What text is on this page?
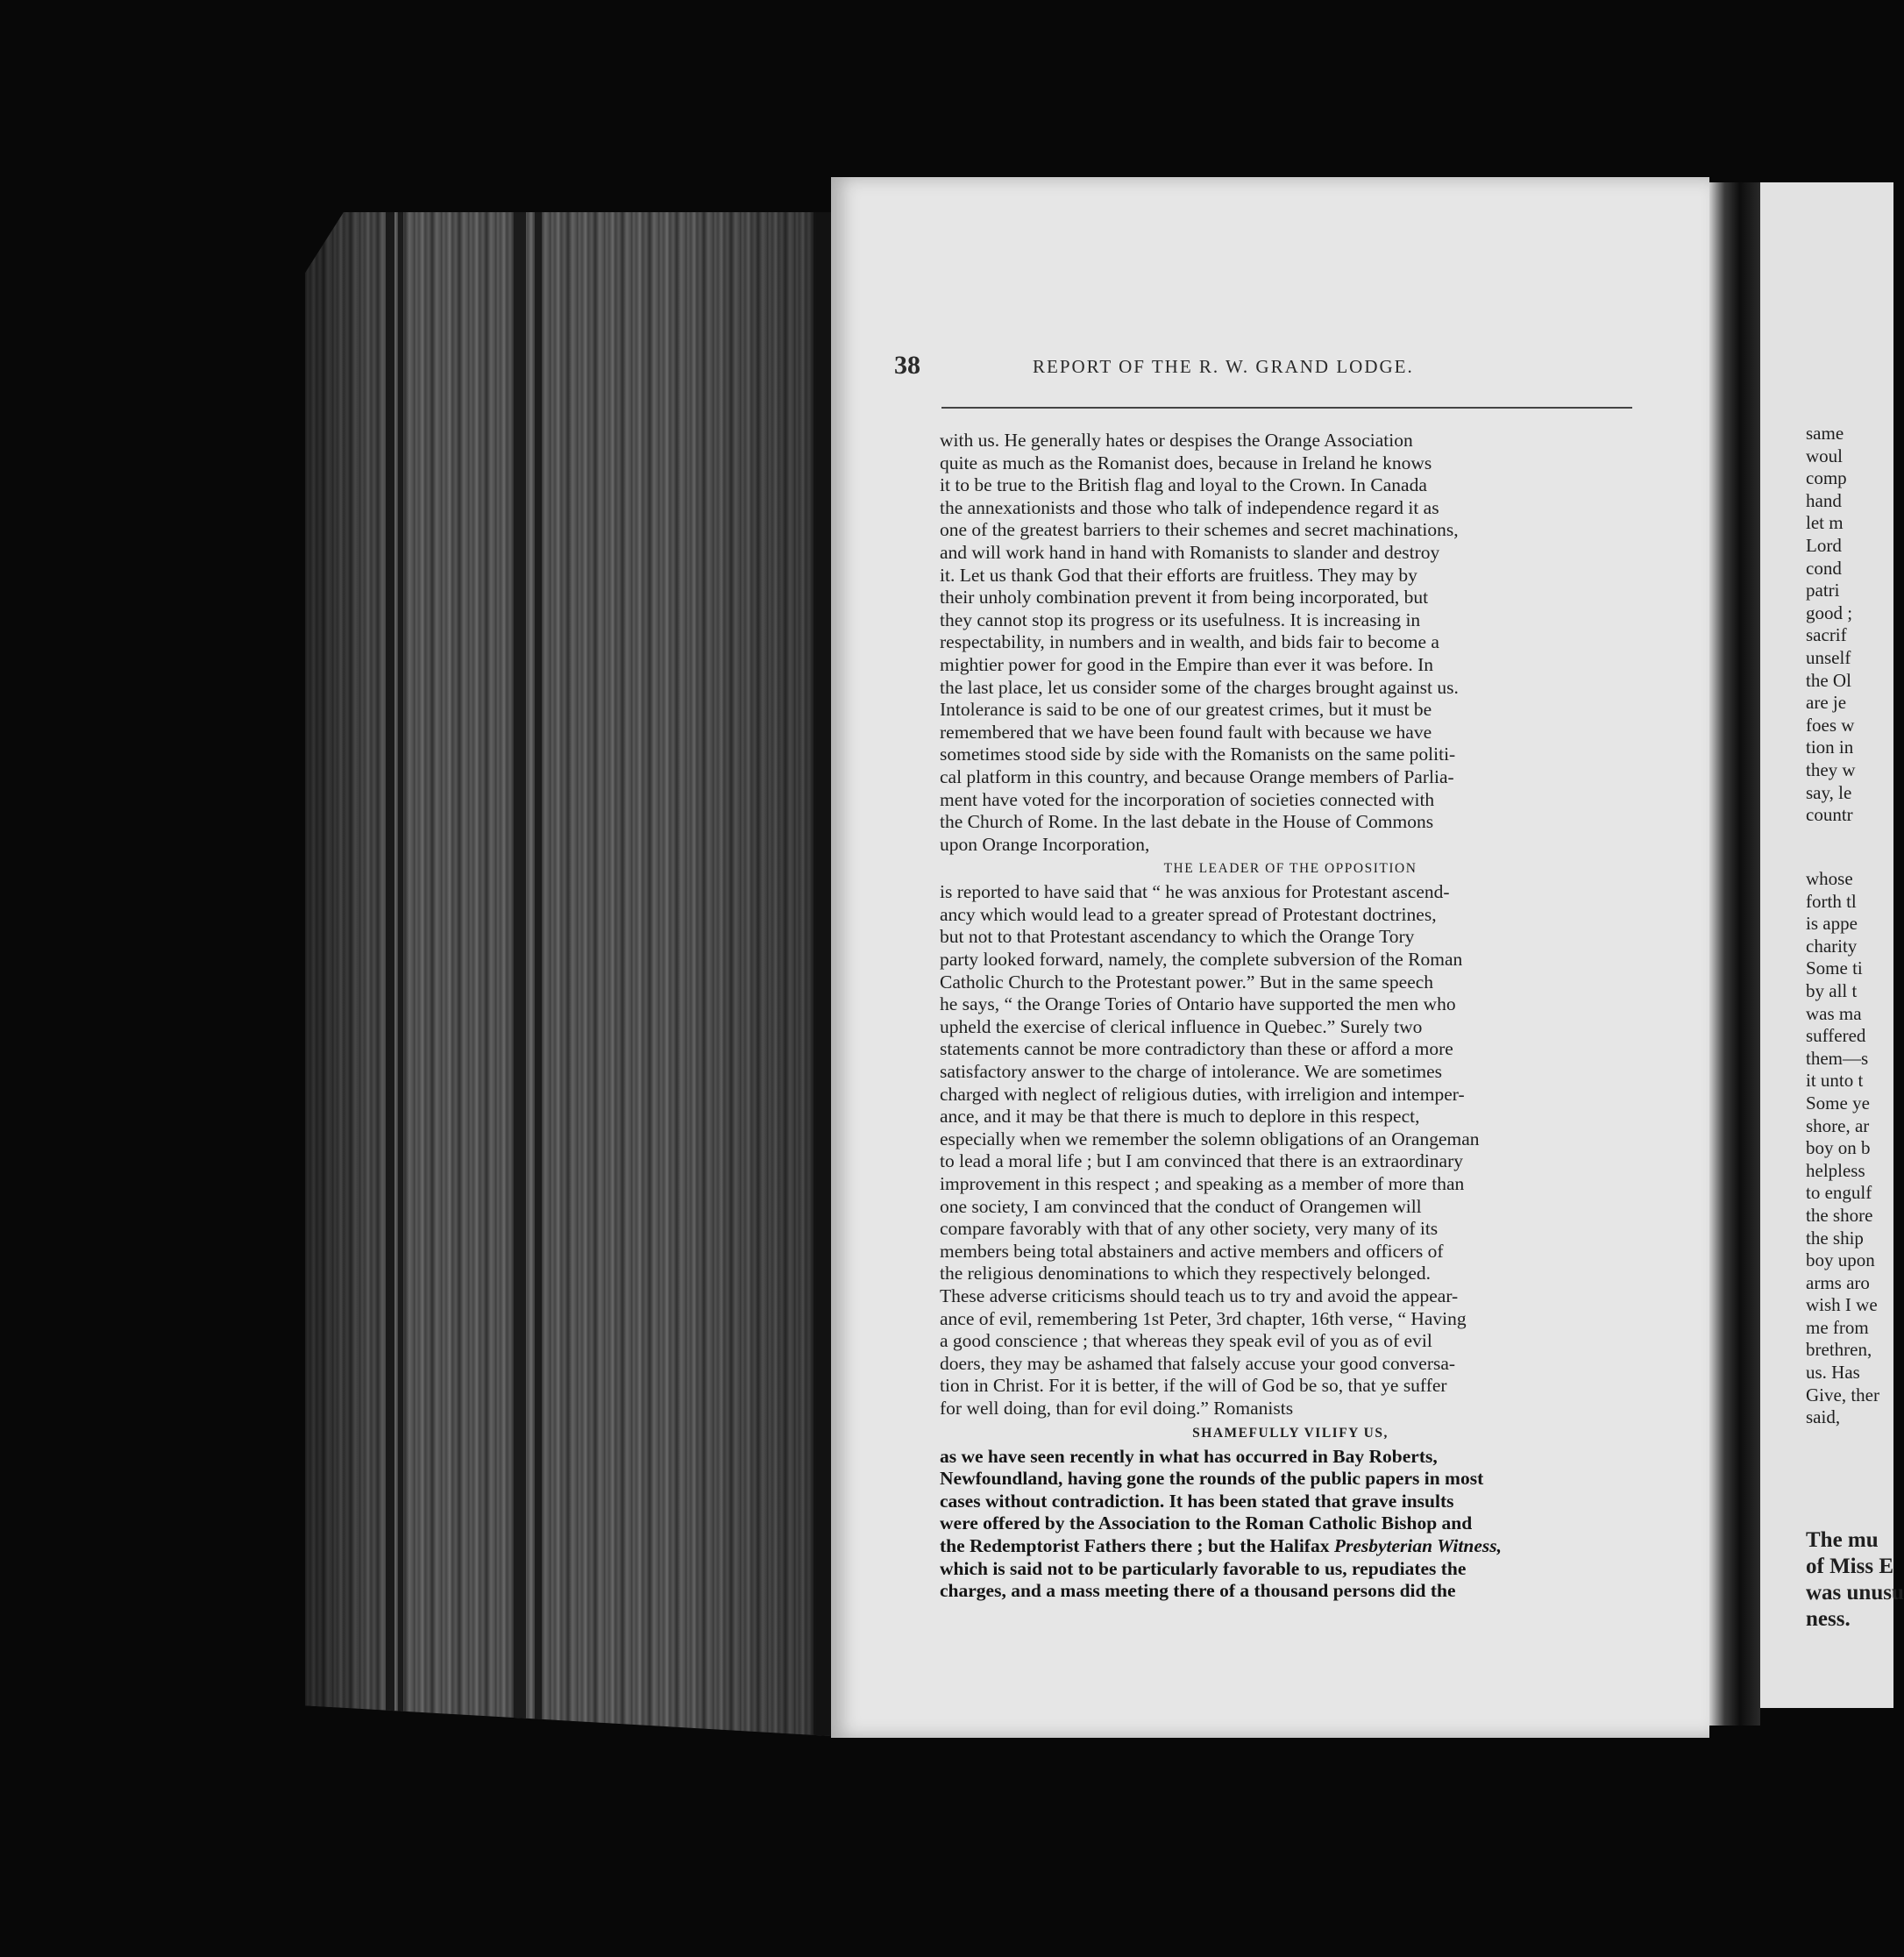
38	REPORT OF THE R. W. GRAND LODGE.
with us. He generally hates or despises the Orange Association
quite as much as the Romanist does, because in Ireland he knows
it to be true to the British flag and loyal to the Crown. In Canada
the annexationists and those who talk of independence regard it as
one of the greatest barriers to their schemes and secret machinations,
and will work hand in hand with Romanists to slander and destroy
it. Let us thank God that their efforts are fruitless. They may by
their unholy combination prevent it from being incorporated, but
they cannot stop its progress or its usefulness. It is increasing in
respectability, in numbers and in wealth, and bids fair to become a
mightier power for good in the Empire than ever it was before. In
the last place, let us consider some of the charges brought against us.
Intolerance is said to be one of our greatest crimes, but it must be
remembered that we have been found fault with because we have
sometimes stood side by side with the Romanists on the same politi-
cal platform in this country, and because Orange members of Parlia-
ment have voted for the incorporation of societies connected with
the Church of Rome. In the last debate in the House of Commons
upon Orange Incorporation,
THE LEADER OF THE OPPOSITION
is reported to have said that “ he was anxious for Protestant ascend-
ancy which would lead to a greater spread of Protestant doctrines,
but not to that Protestant ascendancy to which the Orange Tory
party looked forward, namely, the complete subversion of the Roman
Catholic Church to the Protestant power.” But in the same speech
he says, “ the Orange Tories of Ontario have supported the men who
upheld the exercise of clerical influence in Quebec.” Surely two
statements cannot be more contradictory than these or afford a more
satisfactory answer to the charge of intolerance. We are sometimes
charged with neglect of religious duties, with irreligion and intemper-
ance, and it may be that there is much to deplore in this respect,
especially when we remember the solemn obligations of an Orangeman
to lead a moral life ; but I am convinced that there is an extraordinary
improvement in this respect ; and speaking as a member of more than
one society, I am convinced that the conduct of Orangemen will
compare favorably with that of any other society, very many of its
members being total abstainers and active members and officers of
the religious denominations to which they respectively belonged.
These adverse criticisms should teach us to try and avoid the appear-
ance of evil, remembering 1st Peter, 3rd chapter, 16th verse, “ Having
a good conscience ; that whereas they speak evil of you as of evil
doers, they may be ashamed that falsely accuse your good conversa-
tion in Christ. For it is better, if the will of God be so, that ye suffer
for well doing, than for evil doing.” Romanists
SHAMEFULLY VILIFY US,
as we have seen recently in what has occurred in Bay Roberts,
Newfoundland, having gone the rounds of the public papers in most
cases without contradiction. It has been stated that grave insults
were offered by the Association to the Roman Catholic Bishop and
the Redemptorist Fathers there ; but the Halifax Presbyterian Witness,
which is said not to be particularly favorable to us, repudiates the
charges, and a mass meeting there of a thousand persons did the
same
woul
comp
hand
let m
Lord
cond
patri
good ;
sacrif
unself
the Ol
are je
foes w
tion in
they w
say, le
countr
whose
forth tl
is appe
charity
Some ti
by all t
was ma
suffered
them—s
it unto t
Some ye
shore, ar
boy on b
helpless
to engulf
the shore
the ship
boy upon
arms aro
wish I we
me from
brethren,
us. Has
Give, ther
said,
The mu
of Miss E
was unusu
ness.
